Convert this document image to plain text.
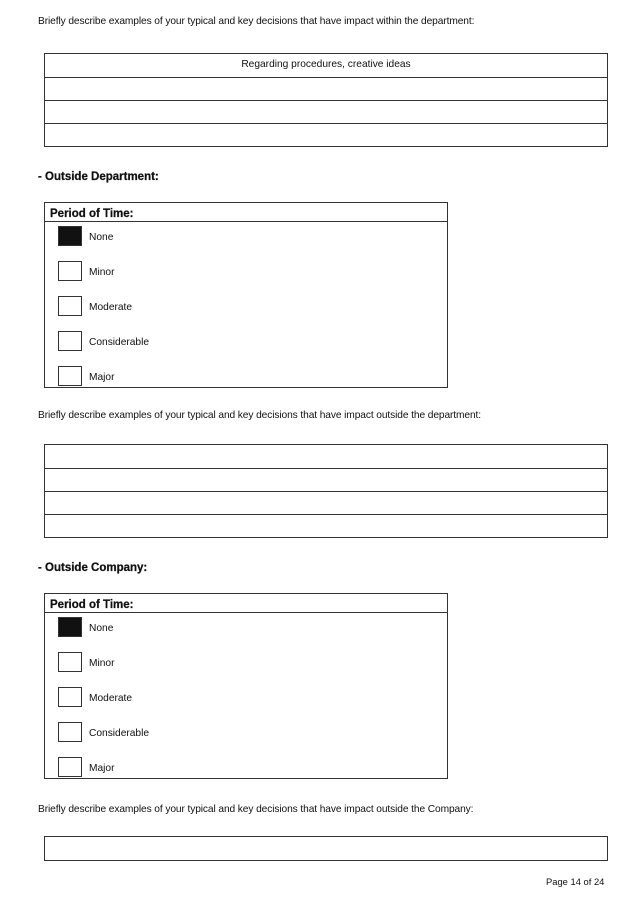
Briefly describe examples of your typical and key decisions that have impact within the department:
Regarding procedures, creative ideas
- Outside Department:
Period of Time:
None
Minor
Moderate
Considerable
Major
Briefly describe examples of your typical and key decisions that have impact outside the department:
- Outside Company:
Period of Time:
None
Minor
Moderate
Considerable
Major
Briefly describe examples of your typical and key decisions that have impact outside the Company:
Page 14 of 24
